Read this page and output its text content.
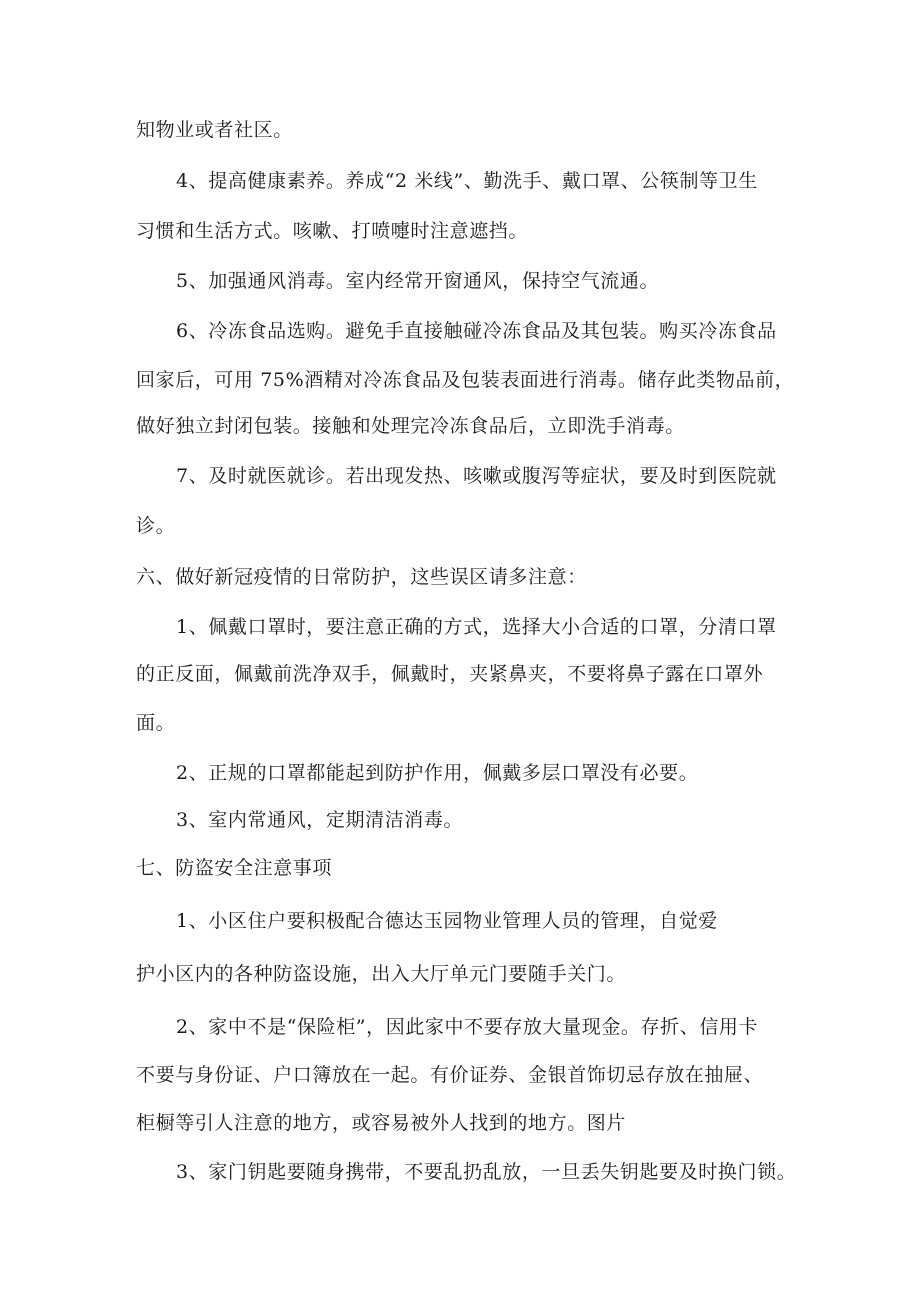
知物业或者社区。
4、提高健康素养。养成“2 米线”、勤洗手、戴口罩、公筷制等卫生
习惯和生活方式。咳嗽、打喷嚏时注意遮挡。
5、加强通风消毒。室内经常开窗通风，保持空气流通。
6、冷冻食品选购。避免手直接触碰冷冻食品及其包装。购买冷冻食品
回家后，可用 75%酒精对冷冻食品及包装表面进行消毒。储存此类物品前，
做好独立封闭包装。接触和处理完冷冻食品后，立即洗手消毒。
7、及时就医就诊。若出现发热、咳嗽或腹泻等症状，要及时到医院就
诊。
六、做好新冠疫情的日常防护，这些误区请多注意：
1、佩戴口罩时，要注意正确的方式，选择大小合适的口罩，分清口罩
的正反面，佩戴前洗净双手，佩戴时，夹紧鼻夹，不要将鼻子露在口罩外
面。
2、正规的口罩都能起到防护作用，佩戴多层口罩没有必要。
3、室内常通风，定期清洁消毒。
七、防盗安全注意事项
1、小区住户要积极配合德达玉园物业管理人员的管理，自觉爱
护小区内的各种防盗设施，出入大厅单元门要随手关门。
2、家中不是“保险柜”，因此家中不要存放大量现金。存折、信用卡
不要与身份证、户口簿放在一起。有价证券、金银首饰切忌存放在抽屉、
柜橱等引人注意的地方，或容易被外人找到的地方。图片
3、家门钥匙要随身携带，不要乱扔乱放，一旦丢失钥匙要及时换门锁。
